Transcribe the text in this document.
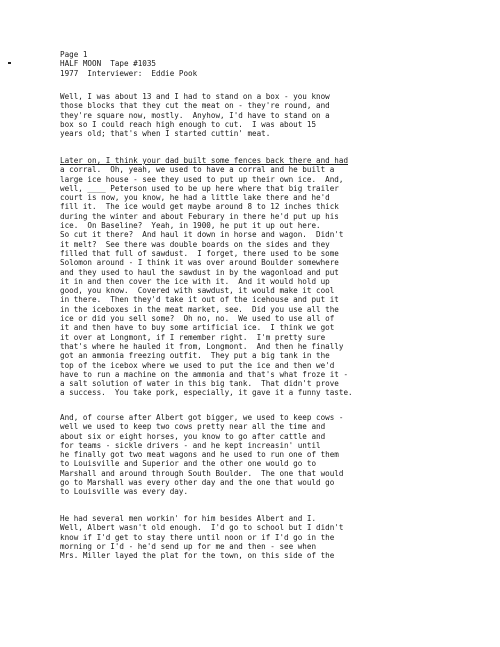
Page 1
HALF MOON  Tape #1035
1977  Interviewer:  Eddie Pook
Well, I was about 13 and I had to stand on a box - you know
those blocks that they cut the meat on - they're round, and
they're square now, mostly.  Anyhow, I'd have to stand on a
box so I could reach high enough to cut.  I was about 15
years old; that's when I started cuttin' meat.
Later on, I think your dad built some fences back there and had
a corral.  Oh, yeah, we used to have a corral and he built a
large ice house - see they used to put up their own ice.  And,
well, ____ Peterson used to be up here where that big trailer
court is now, you know, he had a little lake there and he'd
fill it.  The ice would get maybe around 8 to 12 inches thick
during the winter and about Feburary in there he'd put up his
ice.  On Baseline?  Yeah, in 1900, he put it up out here.
So cut it there?  And haul it down in horse and wagon.  Didn't
it melt?  See there was double boards on the sides and they
filled that full of sawdust.  I forget, there used to be some
Solomon around - I think it was over around Boulder somewhere
and they used to haul the sawdust in by the wagonload and put
it in and then cover the ice with it.  And it would hold up
good, you know.  Covered with sawdust, it would make it cool
in there.  Then they'd take it out of the icehouse and put it
in the iceboxes in the meat market, see.  Did you use all the
ice or did you sell some?  Oh no, no.  We used to use all of
it and then have to buy some artificial ice.  I think we got
it over at Longmont, if I remember right.  I'm pretty sure
that's where he hauled it from, Longmont.  And then he finally
got an ammonia freezing outfit.  They put a big tank in the
top of the icebox where we used to put the ice and then we'd
have to run a machine on the ammonia and that's what froze it -
a salt solution of water in this big tank.  That didn't prove
a success.  You take pork, especially, it gave it a funny taste.
And, of course after Albert got bigger, we used to keep cows -
well we used to keep two cows pretty near all the time and
about six or eight horses, you know to go after cattle and
for teams - sickle drivers - and he kept increasin' until
he finally got two meat wagons and he used to run one of them
to Louisville and Superior and the other one would go to
Marshall and around through South Boulder.  The one that would
go to Marshall was every other day and the one that would go
to Louisville was every day.
He had several men workin' for him besides Albert and I.
Well, Albert wasn't old enough.  I'd go to school but I didn't
know if I'd get to stay there until noon or if I'd go in the
morning or I'd - he'd send up for me and then - see when
Mrs. Miller layed the plat for the town, on this side of the
